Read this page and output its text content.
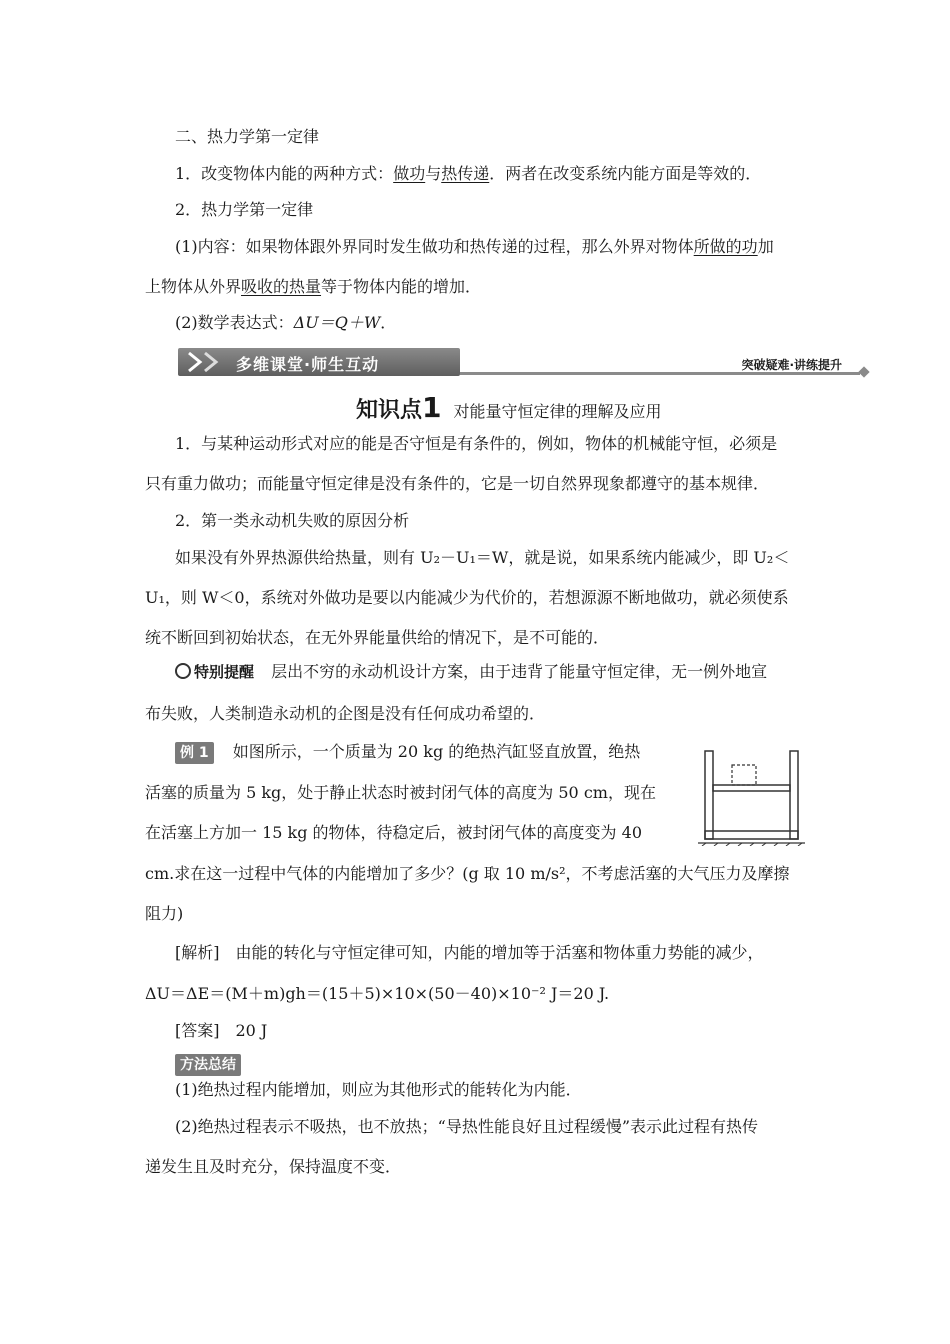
二、热力学第一定律
1．改变物体内能的两种方式：做功与热传递．两者在改变系统内能方面是等效的．
2．热力学第一定律
(1)内容：如果物体跟外界同时发生做功和热传递的过程，那么外界对物体所做的功加
上物体从外界吸收的热量等于物体内能的增加．
(2)数学表达式：ΔU＝Q＋W．
多维课堂·师生互动	突破疑难·讲练提升
知识点1 对能量守恒定律的理解及应用
1．与某种运动形式对应的能是否守恒是有条件的，例如，物体的机械能守恒，必须是
只有重力做功；而能量守恒定律是没有条件的，它是一切自然界现象都遵守的基本规律．
2．第一类永动机失败的原因分析
如果没有外界热源供给热量，则有 U₂－U₁＝W，就是说，如果系统内能减少，即 U₂＜
U₁，则 W＜0，系统对外做功是要以内能减少为代价的，若想源源不断地做功，就必须使系
统不断回到初始状态，在无外界能量供给的情况下，是不可能的．
特别提醒 层出不穷的永动机设计方案，由于违背了能量守恒定律，无一例外地宣
布失败，人类制造永动机的企图是没有任何成功希望的．
例 1 如图所示，一个质量为 20 kg 的绝热汽缸竖直放置，绝热
活塞的质量为 5 kg，处于静止状态时被封闭气体的高度为 50 cm，现在
在活塞上方加一 15 kg 的物体，待稳定后，被封闭气体的高度变为 40
cm.求在这一过程中气体的内能增加了多少？(g 取 10 m/s²，不考虑活塞的大气压力及摩擦
阻力)
[解析]　由能的转化与守恒定律可知，内能的增加等于活塞和物体重力势能的减少，
ΔU＝ΔE＝(M＋m)gh＝(15＋5)×10×(50－40)×10⁻² J＝20 J.
[答案]　20 J
方法总结
(1)绝热过程内能增加，则应为其他形式的能转化为内能．
(2)绝热过程表示不吸热，也不放热；“导热性能良好且过程缓慢”表示此过程有热传
递发生且及时充分，保持温度不变．
